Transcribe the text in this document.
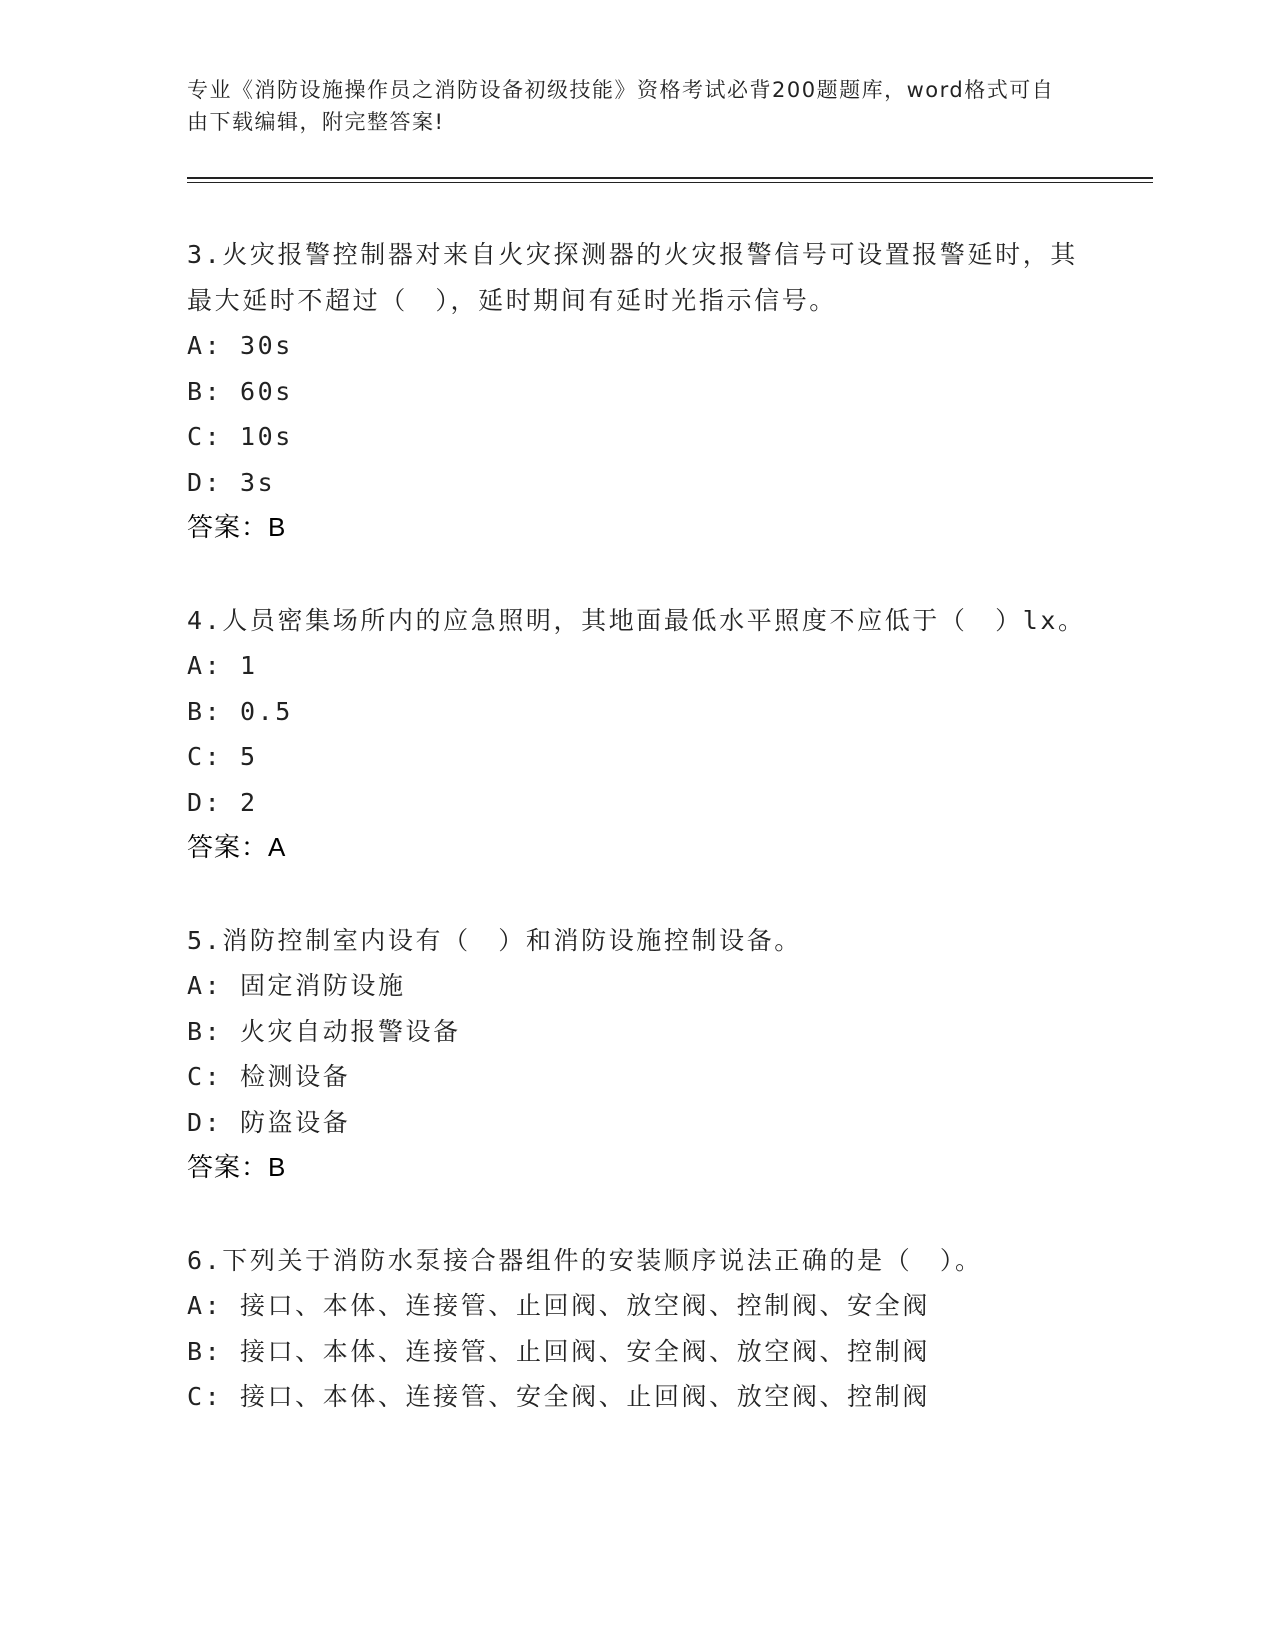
专业《消防设施操作员之消防设备初级技能》资格考试必背200题题库，word格式可自由下载编辑，附完整答案!
3.火灾报警控制器对来自火灾探测器的火灾报警信号可设置报警延时，其最大延时不超过（　），延时期间有延时光指示信号。
A: 30s
B: 60s
C: 10s
D: 3s
答案：B
4.人员密集场所内的应急照明，其地面最低水平照度不应低于（　）lx。
A: 1
B: 0.5
C: 5
D: 2
答案：A
5.消防控制室内设有（　）和消防设施控制设备。
A: 固定消防设施
B: 火灾自动报警设备
C: 检测设备
D: 防盗设备
答案：B
6.下列关于消防水泵接合器组件的安装顺序说法正确的是（　）。
A: 接口、本体、连接管、止回阀、放空阀、控制阀、安全阀
B: 接口、本体、连接管、止回阀、安全阀、放空阀、控制阀
C: 接口、本体、连接管、安全阀、止回阀、放空阀、控制阀
